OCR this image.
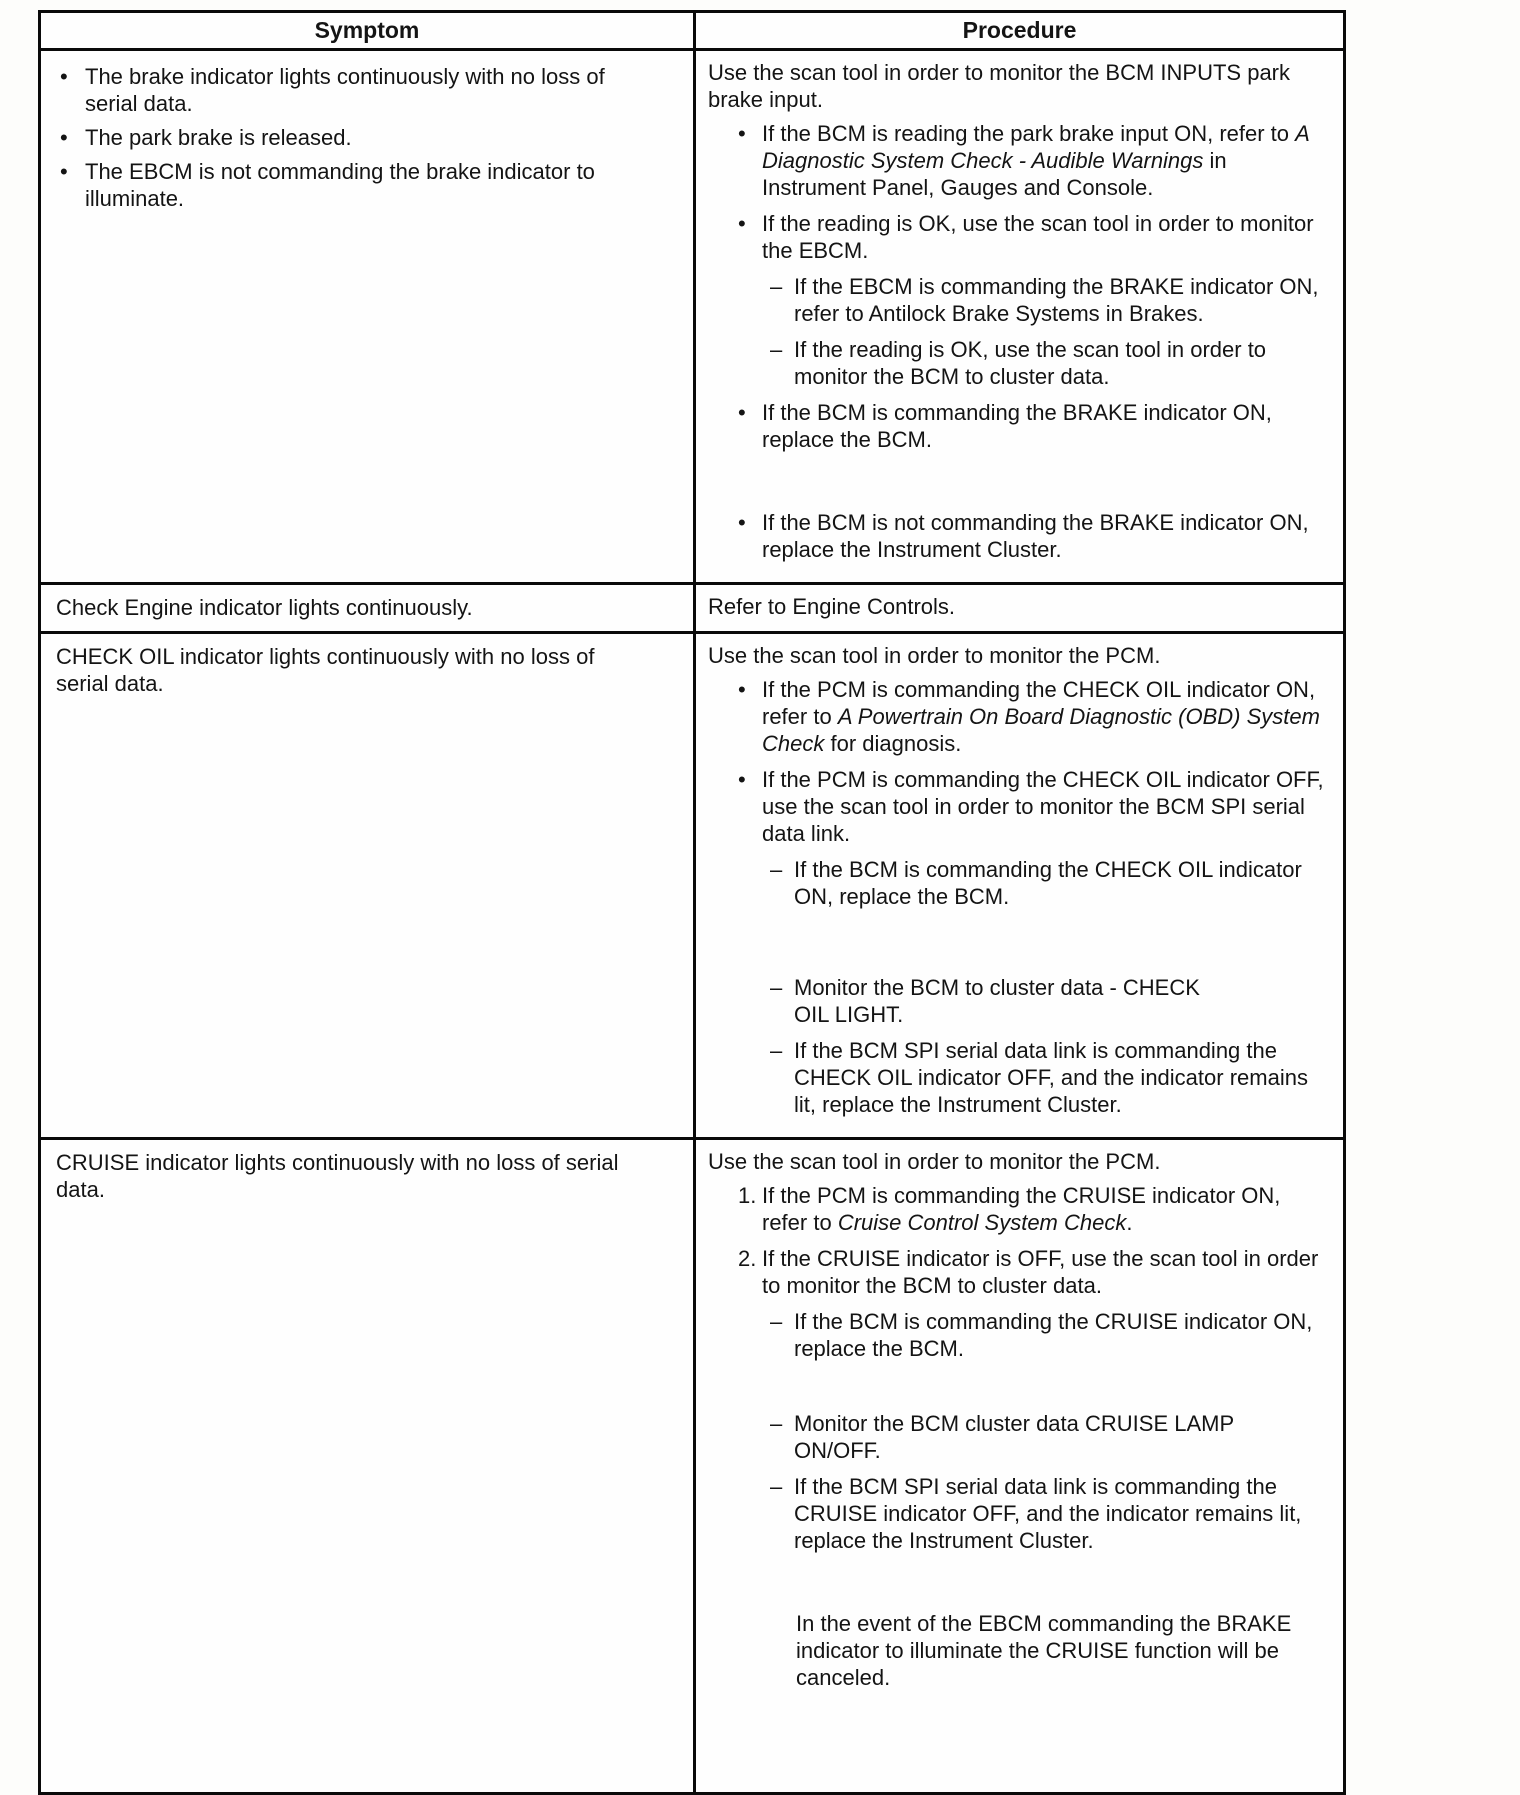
Symptom	Procedure
• The brake indicator lights continuously with no loss of serial data.
• The park brake is released.
• The EBCM is not commanding the brake indicator to illuminate.
Use the scan tool in order to monitor the BCM INPUTS park brake input.
• If the BCM is reading the park brake input ON, refer to A Diagnostic System Check - Audible Warnings in Instrument Panel, Gauges and Console.
• If the reading is OK, use the scan tool in order to monitor the EBCM.
– If the EBCM is commanding the BRAKE indicator ON, refer to Antilock Brake Systems in Brakes.
– If the reading is OK, use the scan tool in order to monitor the BCM to cluster data.
• If the BCM is commanding the BRAKE indicator ON, replace the BCM.
• If the BCM is not commanding the BRAKE indicator ON, replace the Instrument Cluster.
Check Engine indicator lights continuously.	Refer to Engine Controls.
CHECK OIL indicator lights continuously with no loss of serial data.
Use the scan tool in order to monitor the PCM.
• If the PCM is commanding the CHECK OIL indicator ON, refer to A Powertrain On Board Diagnostic (OBD) System Check for diagnosis.
• If the PCM is commanding the CHECK OIL indicator OFF, use the scan tool in order to monitor the BCM SPI serial data link.
– If the BCM is commanding the CHECK OIL indicator ON, replace the BCM.
– Monitor the BCM to cluster data - CHECK
OIL LIGHT.
– If the BCM SPI serial data link is commanding the CHECK OIL indicator OFF, and the indicator remains lit, replace the Instrument Cluster.
CRUISE indicator lights continuously with no loss of serial data.
Use the scan tool in order to monitor the PCM.
1. If the PCM is commanding the CRUISE indicator ON, refer to Cruise Control System Check.
2. If the CRUISE indicator is OFF, use the scan tool in order to monitor the BCM to cluster data.
– If the BCM is commanding the CRUISE indicator ON, replace the BCM.
– Monitor the BCM cluster data CRUISE LAMP
ON/OFF.
– If the BCM SPI serial data link is commanding the CRUISE indicator OFF, and the indicator remains lit, replace the Instrument Cluster.
In the event of the EBCM commanding the BRAKE indicator to illuminate the CRUISE function will be canceled.
